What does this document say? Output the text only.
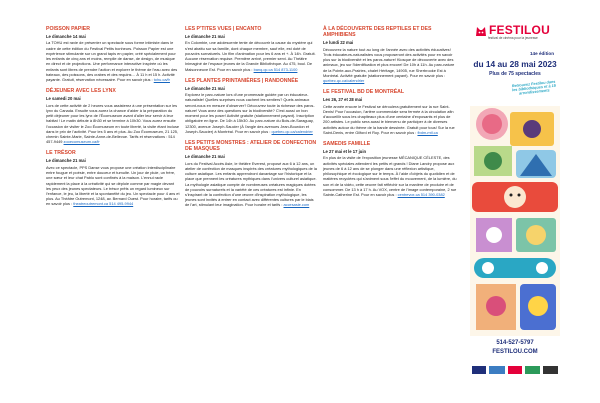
POISSON PAPIER
Le dimanche 14 mai

La TOHU est ravie de présenter un spectacle sous forme intimiste dans le cadre de cette édition du Festival Petits bonheurs. Poisson Papier est une expérience stimulante sur un grand tapis en papier, créé spécialement pour les enfants de cinq ans et moins, remplie de danse, de design, de musique en direct et de projections. Une performance interactive inspirée où les enfants sont libres de prendre l'action et explorer le thème de l'eau avec des bateaux, des poissons, des crabes et des requins… À 11 h et 15 h. Activité payante. Gratuit, réservation nécessaire. Pour en savoir plus : tohu.ca/fr

DÉJEUNER AVEC LES LYNX
Le samedi 20 mai

Lors de cette activité de 2 heures vous assisterez à une présentation sur les lynx du Canada. Ensuite vous aurez la chance d'aider à la préparation du petit déjeuner pour les lynx de l'Écomuseum avant d'aller leur servir à leur habitat ! Le matin débute à 8h30 et se termine à 10h30. Vous aurez ensuite l'occasion de visiter le Zoo Écomuseum en toute liberté, la visite étant incluse dans le prix de l'activité. Pour les 5 ans et plus. Au Zoo Écomuseum, 21 125, chemin Sainte-Marie, Sainte-Anne-de-Bellevue. Tarifs et réservations : 514 457-9449 zooecomuseum.ca/fr

LE TRÉSOR
Le dimanche 21 mai

Avec ce spectacle, PPS Danse vous propose une création interdisciplinaire entre fougue et poésie, entre douceur et tumulte. Un jour de pluie, un frère, une sœur et leur chat Pablo sont confinés à la maison. L'ennui racle rapidement la place à la créativité qui se déploie comme par magie devant les yeux des jeunes spectateurs. Le trésor prêts un regard lumineux sur l'enfance, le jeu, la liberté et la spontanéité du jeu. Un spectacle pour 4 ans et plus. Au Théâtre Outremont, 1248, av. Bernard Ouest. Pour horaire, tarifs ou en savoir plus : theatreoutremont.ca 514 495-9944

LES P'TITES VUES | ENCANTO
Le dimanche 21 mai

En Colombie, une adolescente tente de découvrir la cause du mystère qui s'est abattu sur sa famille, dont chaque membre, sauf elle, est doté de pouvoirs surnaturels. Un film d'animation pour les 6 ans et +. À 14h. Gratuit. Aucune réservation requise. Première arrivé, premier servi. Au Théâtre Inimaginé de l'espace jeunes de la Grande Bibliothèque. Au 475, boul. De Maisonneuve Est. Pour en savoir plus : banq.qc.ca 514 873-1100

LES PLANTES PRINTANIÈRES | RANDONNÉE
Le dimanche 21 mai

Explorez le parc-nature lors d'une promenade guidée par un éducateur-naturaliste! Quelles surprises nous cachent les sentiers? Quels animaux seront-nous en mesure d'observer? Découvrez toute la richesse des parcs-nature! Vous avez des questions sur la biodiversité? C'est aussi un bon moment pour les poser! Activité gratuite (stationnement payant). Inscription obligatoire en ligne. De 14h à 15h30. Au parc-nature du Bois-de-Saraguay, 12300, avenue Joseph-Saucier (À l'angle des avenues Jean-Bourdon et Joseph-Saucier) à Montréal. Pour en savoir plus : quebec.qc.ca/calendrier

LES PETITS MONSTRES : ATELIER DE CONFECTION DE MASQUES
Le dimanche 21 mai

Lors du Festival Accès Asie, le théâtre Everest, proposé aux 6 à 12 ans, un atelier de confection de masques inspirés des créatures mythologiques de la culture asiatique. Les enfants apprendront davantage sur l'historique et la place que prennent les créatures mythiques dans l'univers culturel asiatique. La mythologie asiatique compte de nombreuses créatures magiques dotées de pouvoirs surnaturels et la variété de ces créatures est infinie. En s'inspirant de la confection d'une œuvre d'inspiration mythologique, les jeunes sont invités à entrer en contact avec différentes cultures par le biais de l'art, stimulant leur imagination. Pour horaire et tarifs : accesasie.com

À LA DÉCOUVERTE DES REPTILES ET DES AMPHIBIENS
Le lundi 22 mai

Découvrez la nature tout au long de l'année avec des activités éducatives! Trois éducateurs-naturalistes vous proposeront des activités pour en savoir plus sur la biodiversité et les parcs-nature! Kiosque de découverte avec des animaux, jeu sur l'identification et plus encore! De 10h à 11h. Au parc-nature de la Pointe-aux-Prairies, chalet Héritage, 14905, rue Sherbrooke Est à Montréal. Activité gratuite (stationnement payant). Pour en savoir plus : quebec.qc.ca/calendrier

LE FESTIVAL BD DE MONTRÉAL
Les 26, 27 et 28 mai

Cette année encore le Festival se déroulera gratuitement sur la rue Saint-Denis! Pour l'occasion, l'artère commerciale sera fermée à la circulation afin d'accueillir sous les chapiteaux plus d'une centaine d'exposants et plus de 200 artistes. Le public sera aussi le bienvenu de participer à de diverses activités autour du thème de la bande dessinée. Gratuit pour tous! Sur la rue Saint-Denis, entre Gilford et Roy. Pour en savoir plus : fbdm-mtl.ca

SAMEDIS FAMILLE
Le 27 mai et le 17 juin

En plus de la visite de l'exposition jeunesse MÉCANIQUE CÉLESTE, des activités spéciales attendent les petits et grands ! Diane Landry propose aux jeunes de 6 à 12 ans de se plonger dans une réflexion artistique, philosophique et écologique sur le temps. À l'aide d'objets du quotidien et de matières recyclées qui s'animent sous l'effet du mouvement, de la lumière, du son et de la vidéo, cette œuvre fait réfléchir sur la manière de produire et de consommer. De 13 h à 17 h. Au VOX, centre de l'image contemporaine, 2 rue Sainte-Catherine Est. Pour en savoir plus : centrevox.ca 514 390-0382

FESTILOU
festival de cinéma pour la jeunesse
14e édition
du 14 au 28 mai 2023
Plus de 75 spectacles
Retrouvez Festilou dans les bibliothèques et à 15 arrondissements
514-527-5797
FESTILOU.COM
